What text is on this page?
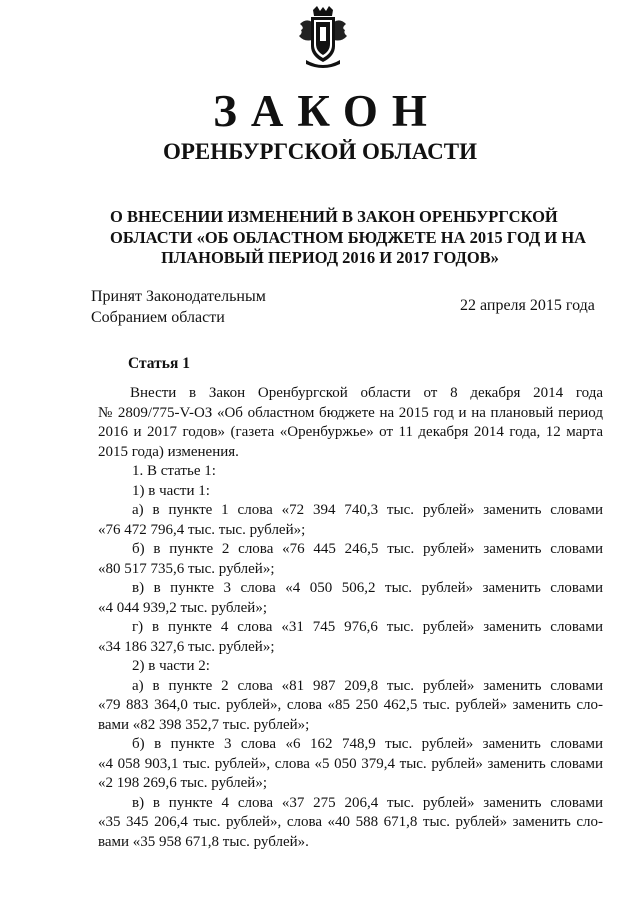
ЗАКОН
ОРЕНБУРГСКОЙ ОБЛАСТИ
О ВНЕСЕНИИ ИЗМЕНЕНИЙ В ЗАКОН ОРЕНБУРГСКОЙ
ОБЛАСТИ «ОБ ОБЛАСТНОМ БЮДЖЕТЕ НА 2015 ГОД И НА
ПЛАНОВЫЙ ПЕРИОД 2016 И 2017 ГОДОВ»
Принят Законодательным
Собранием области
22 апреля 2015 года
Статья 1
Внести в Закон Оренбургской области от 8 декабря 2014 года
№ 2809/775-V-ОЗ «Об областном бюджете на 2015 год и на плановый период
2016 и 2017 годов» (газета «Оренбуржье» от 11 декабря 2014 года, 12 марта
2015 года) изменения.
1. В статье 1:
1) в части 1:
а) в пункте 1 слова «72 394 740,3 тыс. рублей» заменить словами
«76 472 796,4 тыс. тыс. рублей»;
б) в пункте 2 слова «76 445 246,5 тыс. рублей» заменить словами
«80 517 735,6 тыс. рублей»;
в) в пункте 3 слова «4 050 506,2 тыс. рублей» заменить словами
«4 044 939,2 тыс. рублей»;
г) в пункте 4 слова «31 745 976,6 тыс. рублей» заменить словами
«34 186 327,6 тыс. рублей»;
2) в части 2:
а) в пункте 2 слова «81 987 209,8 тыс. рублей» заменить словами
«79 883 364,0 тыс. рублей», слова «85 250 462,5 тыс. рублей» заменить сло-
вами «82 398 352,7 тыс. рублей»;
б) в пункте 3 слова «6 162 748,9 тыс. рублей» заменить словами
«4 058 903,1 тыс. рублей», слова «5 050 379,4 тыс. рублей» заменить словами
«2 198 269,6 тыс. рублей»;
в) в пункте 4 слова «37 275 206,4 тыс. рублей» заменить словами
«35 345 206,4 тыс. рублей», слова «40 588 671,8 тыс. рублей» заменить сло-
вами «35 958 671,8 тыс. рублей».
